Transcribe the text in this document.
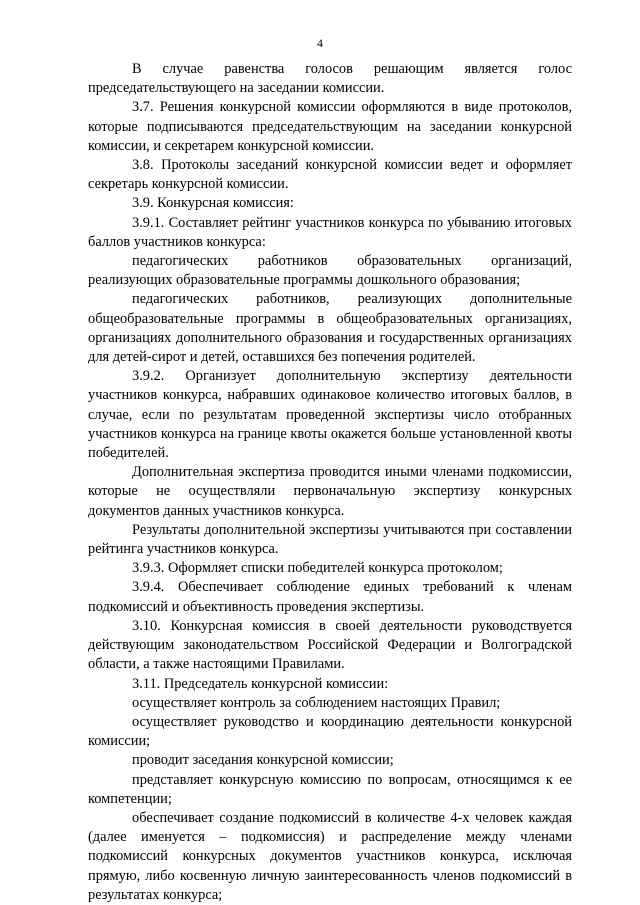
4

В случае равенства голосов решающим является голос председательствующего на заседании комиссии.

3.7. Решения конкурсной комиссии оформляются в виде протоколов, которые подписываются председательствующим на заседании конкурсной комиссии, и секретарем конкурсной комиссии.

3.8. Протоколы заседаний конкурсной комиссии ведет и оформляет секретарь конкурсной комиссии.

3.9. Конкурсная комиссия:

3.9.1. Составляет рейтинг участников конкурса по убыванию итоговых баллов участников конкурса:

педагогических работников образовательных организаций, реализующих образовательные программы дошкольного образования;

педагогических работников, реализующих дополнительные общеобразовательные программы в общеобразовательных организациях, организациях дополнительного образования и государственных организациях для детей-сирот и детей, оставшихся без попечения родителей.

3.9.2. Организует дополнительную экспертизу деятельности участников конкурса, набравших одинаковое количество итоговых баллов, в случае, если по результатам проведенной экспертизы число отобранных участников конкурса на границе квоты окажется больше установленной квоты победителей.

Дополнительная экспертиза проводится иными членами подкомиссии, которые не осуществляли первоначальную экспертизу конкурсных документов данных участников конкурса.

Результаты дополнительной экспертизы учитываются при составлении рейтинга участников конкурса.

3.9.3. Оформляет списки победителей конкурса протоколом;

3.9.4. Обеспечивает соблюдение единых требований к членам подкомиссий и объективность проведения экспертизы.

3.10. Конкурсная комиссия в своей деятельности руководствуется действующим законодательством Российской Федерации и Волгоградской области, а также настоящими Правилами.

3.11. Председатель конкурсной комиссии:

осуществляет контроль за соблюдением настоящих Правил;

осуществляет руководство и координацию деятельности конкурсной комиссии;

проводит заседания конкурсной комиссии;

представляет конкурсную комиссию по вопросам, относящимся к ее компетенции;

обеспечивает создание подкомиссий в количестве 4-х человек каждая (далее именуется – подкомиссия) и распределение между членами подкомиссий конкурсных документов участников конкурса, исключая прямую, либо косвенную личную заинтересованность членов подкомиссий в результатах конкурса;
